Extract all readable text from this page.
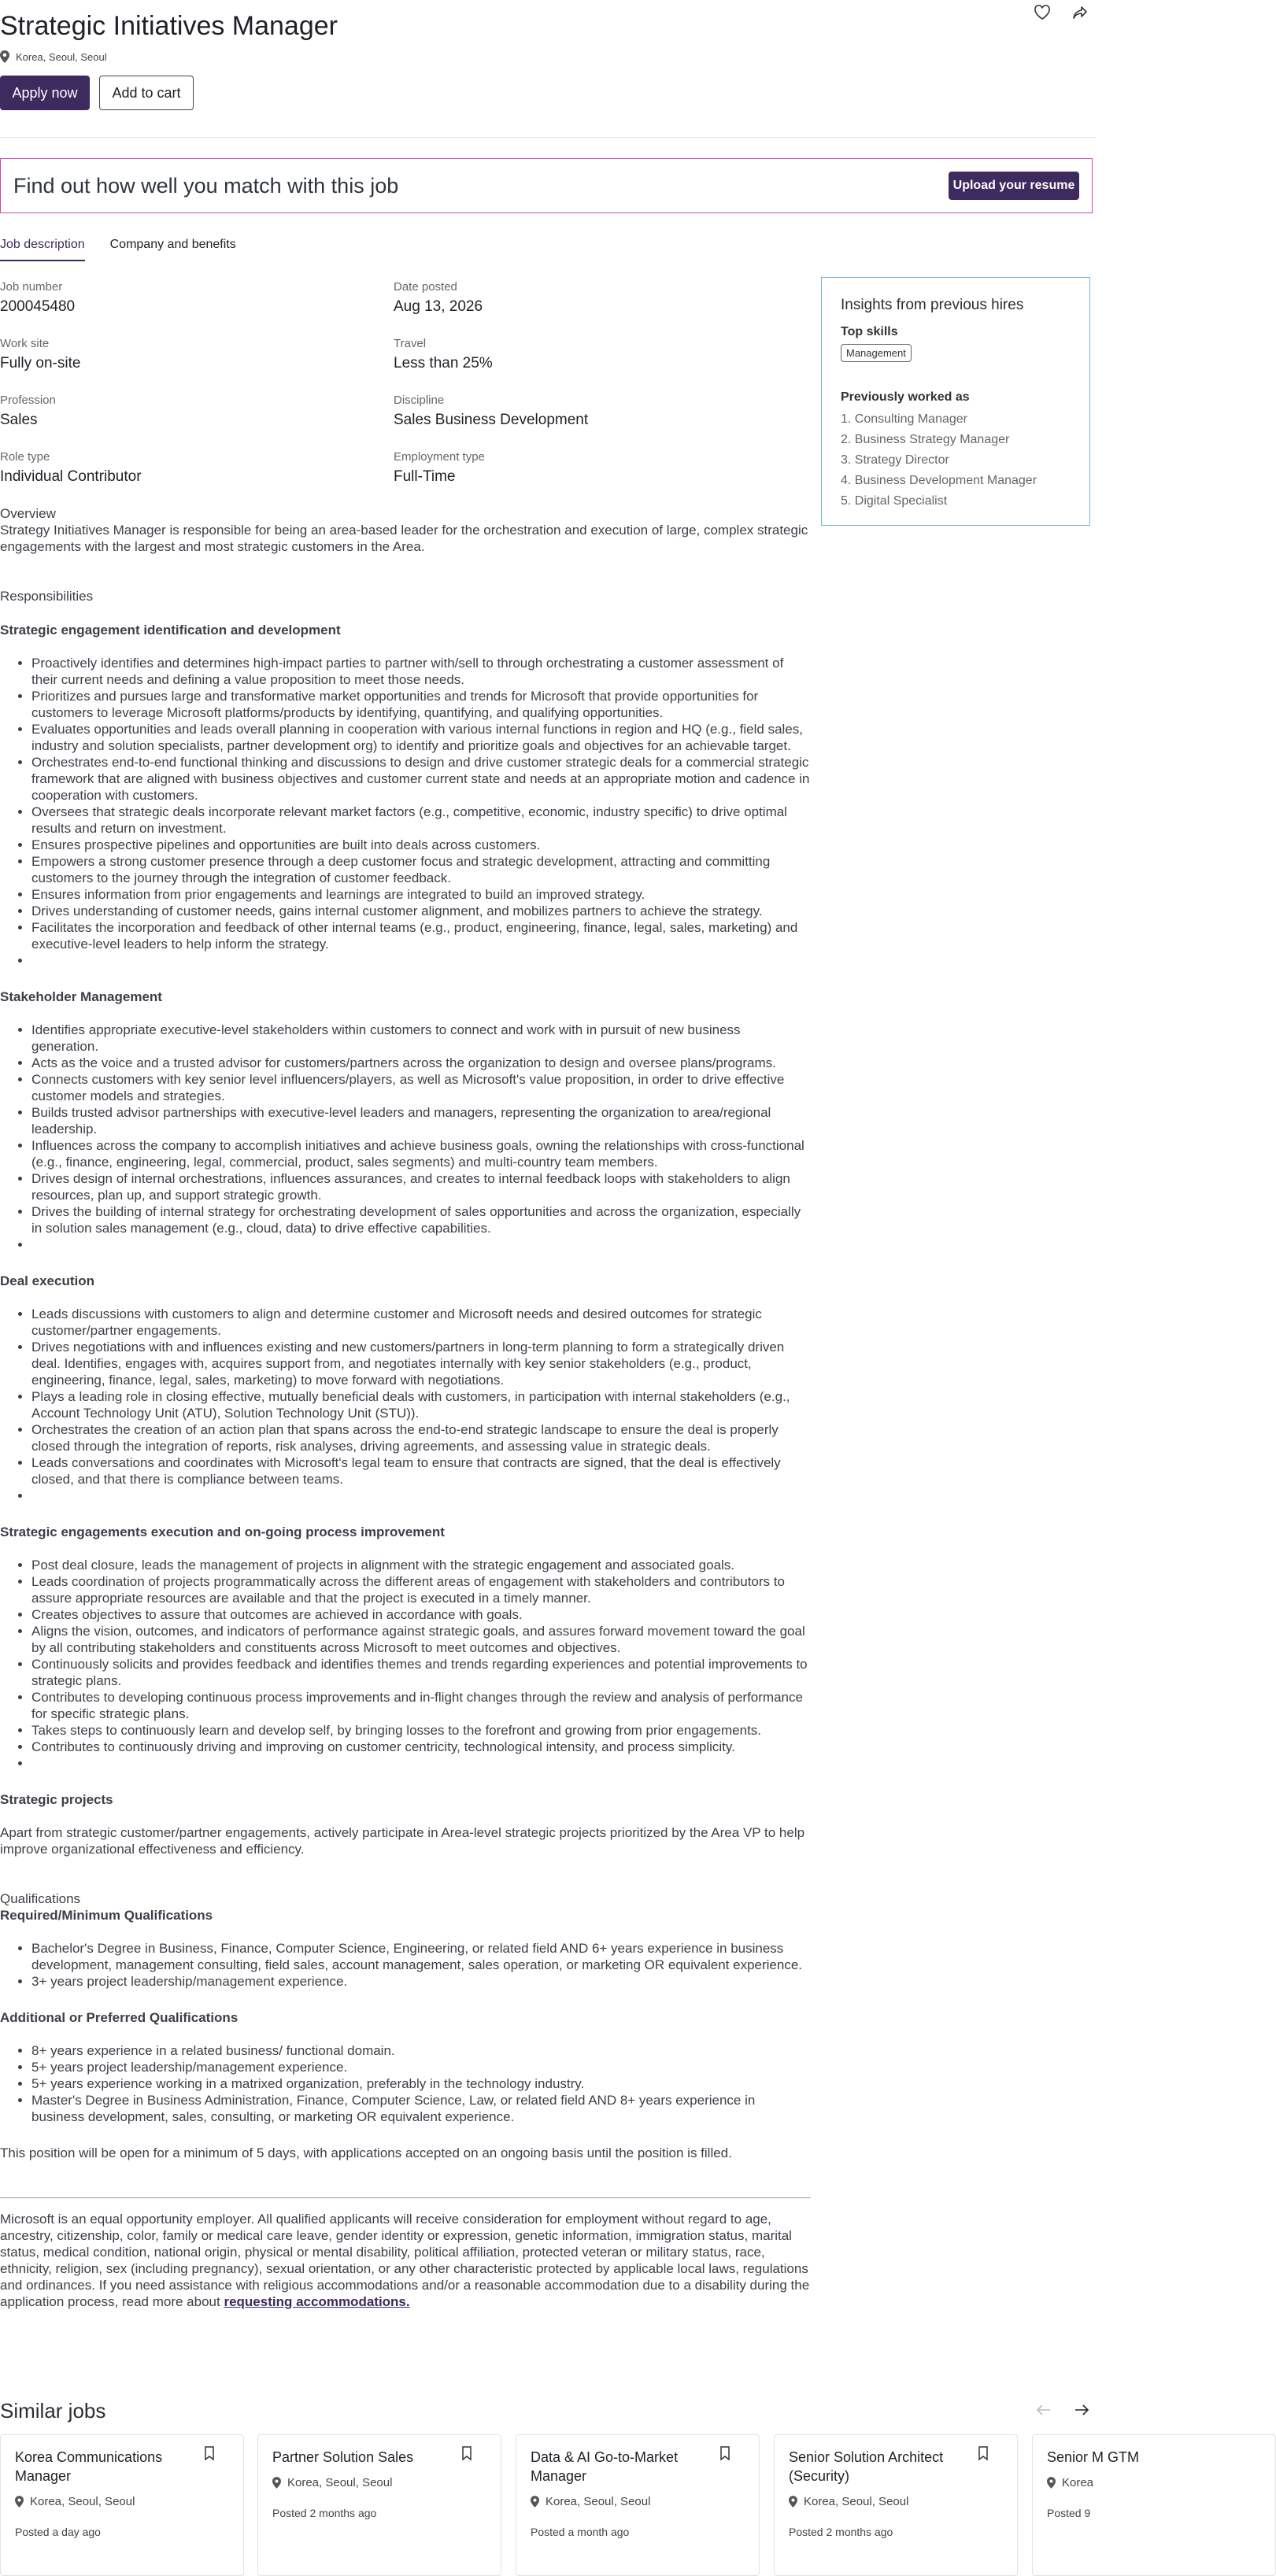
Strategic Initiatives Manager
Korea, Seoul, Seoul
Apply now	Add to cart
Find out how well you match with this job	Upload your resume
Job description Company and benefits
Job number
200045480
Date posted
Aug 13, 2026
Work site
Fully on-site
Travel
Less than 25%
Profession
Sales
Discipline
Sales Business Development
Role type
Individual Contributor
Employment type
Full-Time
Insights from previous hires
Top skills
Management
Previously worked as
1. Consulting Manager
2. Business Strategy Manager
3. Strategy Director
4. Business Development Manager
5. Digital Specialist
Overview

Strategy Initiatives Manager is responsible for being an area-based leader for the orchestration and execution of large, complex strategic engagements with the largest and most strategic customers in the Area.

Responsibilities
Strategic engagement identification and development
• Proactively identifies and determines high-impact parties to partner with/sell to through orchestrating a customer assessment of their current needs and defining a value proposition to meet those needs.
• Prioritizes and pursues large and transformative market opportunities and trends for Microsoft that provide opportunities for customers to leverage Microsoft platforms/products by identifying, quantifying, and qualifying opportunities.
• Evaluates opportunities and leads overall planning in cooperation with various internal functions in region and HQ (e.g., field sales, industry and solution specialists, partner development org) to identify and prioritize goals and objectives for an achievable target.
• Orchestrates end-to-end functional thinking and discussions to design and drive customer strategic deals for a commercial strategic framework that are aligned with business objectives and customer current state and needs at an appropriate motion and cadence in cooperation with customers.
• Oversees that strategic deals incorporate relevant market factors (e.g., competitive, economic, industry specific) to drive optimal results and return on investment.
• Ensures prospective pipelines and opportunities are built into deals across customers.
• Empowers a strong customer presence through a deep customer focus and strategic development, attracting and committing customers to the journey through the integration of customer feedback.
• Ensures information from prior engagements and learnings are integrated to build an improved strategy.
• Drives understanding of customer needs, gains internal customer alignment, and mobilizes partners to achieve the strategy.
• Facilitates the incorporation and feedback of other internal teams (e.g., product, engineering, finance, legal, sales, marketing) and executive-level leaders to help inform the strategy.
•
Stakeholder Management
• Identifies appropriate executive-level stakeholders within customers to connect and work with in pursuit of new business generation.
• Acts as the voice and a trusted advisor for customers/partners across the organization to design and oversee plans/programs.
• Connects customers with key senior level influencers/players, as well as Microsoft's value proposition, in order to drive effective customer models and strategies.
• Builds trusted advisor partnerships with executive-level leaders and managers, representing the organization to area/regional leadership.
• Influences across the company to accomplish initiatives and achieve business goals, owning the relationships with cross-functional (e.g., finance, engineering, legal, commercial, product, sales segments) and multi-country team members.
• Drives design of internal orchestrations, influences assurances, and creates to internal feedback loops with stakeholders to align resources, plan up, and support strategic growth.
• Drives the building of internal strategy for orchestrating development of sales opportunities and across the organization, especially in solution sales management (e.g., cloud, data) to drive effective capabilities.
•
Deal execution
• Leads discussions with customers to align and determine customer and Microsoft needs and desired outcomes for strategic customer/partner engagements.
• Drives negotiations with and influences existing and new customers/partners in long-term planning to form a strategically driven deal. Identifies, engages with, acquires support from, and negotiates internally with key senior stakeholders (e.g., product, engineering, finance, legal, sales, marketing) to move forward with negotiations.
• Plays a leading role in closing effective, mutually beneficial deals with customers, in participation with internal stakeholders (e.g., Account Technology Unit (ATU), Solution Technology Unit (STU)).
• Orchestrates the creation of an action plan that spans across the end-to-end strategic landscape to ensure the deal is properly closed through the integration of reports, risk analyses, driving agreements, and assessing value in strategic deals.
• Leads conversations and coordinates with Microsoft's legal team to ensure that contracts are signed, that the deal is effectively closed, and that there is compliance between teams.
•
Strategic engagements execution and on-going process improvement
• Post deal closure, leads the management of projects in alignment with the strategic engagement and associated goals.
• Leads coordination of projects programmatically across the different areas of engagement with stakeholders and contributors to assure appropriate resources are available and that the project is executed in a timely manner.
• Creates objectives to assure that outcomes are achieved in accordance with goals.
• Aligns the vision, outcomes, and indicators of performance against strategic goals, and assures forward movement toward the goal by all contributing stakeholders and constituents across Microsoft to meet outcomes and objectives.
• Continuously solicits and provides feedback and identifies themes and trends regarding experiences and potential improvements to strategic plans.
• Contributes to developing continuous process improvements and in-flight changes through the review and analysis of performance for specific strategic plans.
• Takes steps to continuously learn and develop self, by bringing losses to the forefront and growing from prior engagements.
• Contributes to continuously driving and improving on customer centricity, technological intensity, and process simplicity.
•
Strategic projects

Apart from strategic customer/partner engagements, actively participate in Area-level strategic projects prioritized by the Area VP to help improve organizational effectiveness and efficiency.

Qualifications
Required/Minimum Qualifications
• Bachelor's Degree in Business, Finance, Computer Science, Engineering, or related field AND 6+ years experience in business development, management consulting, field sales, account management, sales operation, or marketing OR equivalent experience.
• 3+ years project leadership/management experience.
Additional or Preferred Qualifications
• 8+ years experience in a related business/ functional domain.
• 5+ years project leadership/management experience.
• 5+ years experience working in a matrixed organization, preferably in the technology industry.
• Master's Degree in Business Administration, Finance, Computer Science, Law, or related field AND 8+ years experience in business development, sales, consulting, or marketing OR equivalent experience.

This position will be open for a minimum of 5 days, with applications accepted on an ongoing basis until the position is filled.

Microsoft is an equal opportunity employer. All qualified applicants will receive consideration for employment without regard to age, ancestry, citizenship, color, family or medical care leave, gender identity or expression, genetic information, immigration status, marital status, medical condition, national origin, physical or mental disability, political affiliation, protected veteran or military status, race, ethnicity, religion, sex (including pregnancy), sexual orientation, or any other characteristic protected by applicable local laws, regulations and ordinances. If you need assistance with religious accommodations and/or a reasonable accommodation due to a disability during the application process, read more about requesting accommodations.

Similar jobs
Korea Communications Manager
Korea, Seoul, Seoul
Posted a day ago
Partner Solution Sales
Korea, Seoul, Seoul
Posted 2 months ago
Data & AI Go-to-Market Manager
Korea, Seoul, Seoul
Posted a month ago
Senior Solution Architect (Security)
Korea, Seoul, Seoul
Posted 2 months ago
Senior M GTM
Korea
Posted 9
